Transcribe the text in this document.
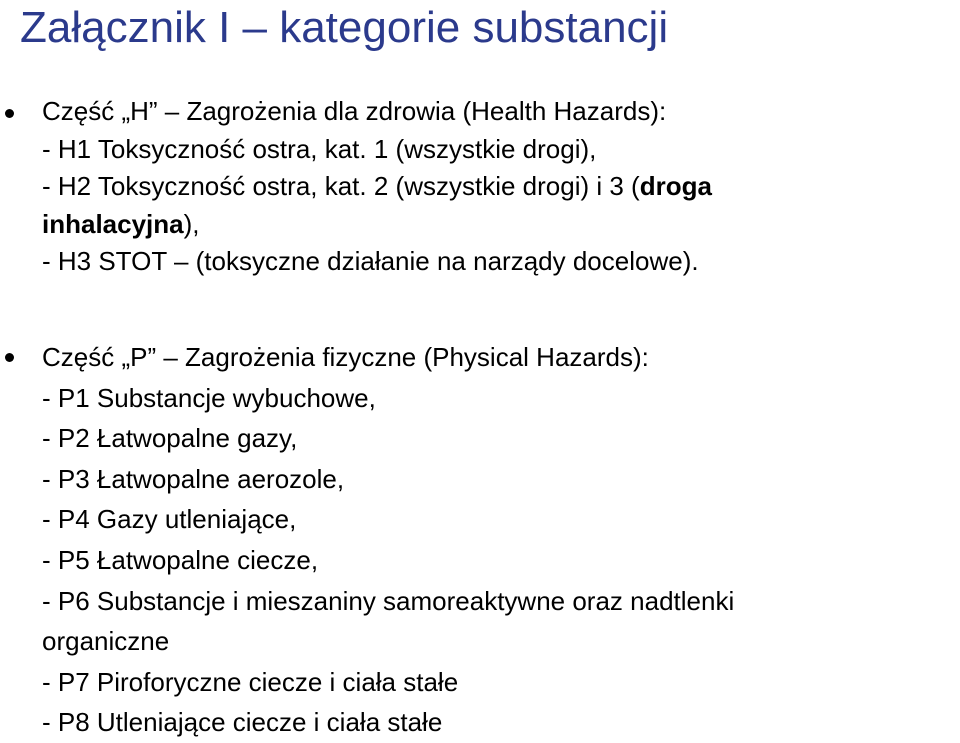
Załącznik I – kategorie substancji
Część „H” – Zagrożenia dla zdrowia (Health Hazards):
- H1 Toksyczność ostra, kat. 1 (wszystkie drogi),
- H2 Toksyczność ostra, kat. 2 (wszystkie drogi) i 3 (droga
inhalacyjna),
- H3 STOT – (toksyczne działanie na narządy docelowe).
Część „P” – Zagrożenia fizyczne (Physical Hazards):
- P1 Substancje wybuchowe,
- P2 Łatwopalne gazy,
- P3 Łatwopalne aerozole,
- P4 Gazy utleniające,
- P5 Łatwopalne ciecze,
- P6 Substancje i mieszaniny samoreaktywne oraz nadtlenki
organiczne
- P7 Piroforyczne ciecze i ciała stałe
- P8 Utleniające ciecze i ciała stałe
